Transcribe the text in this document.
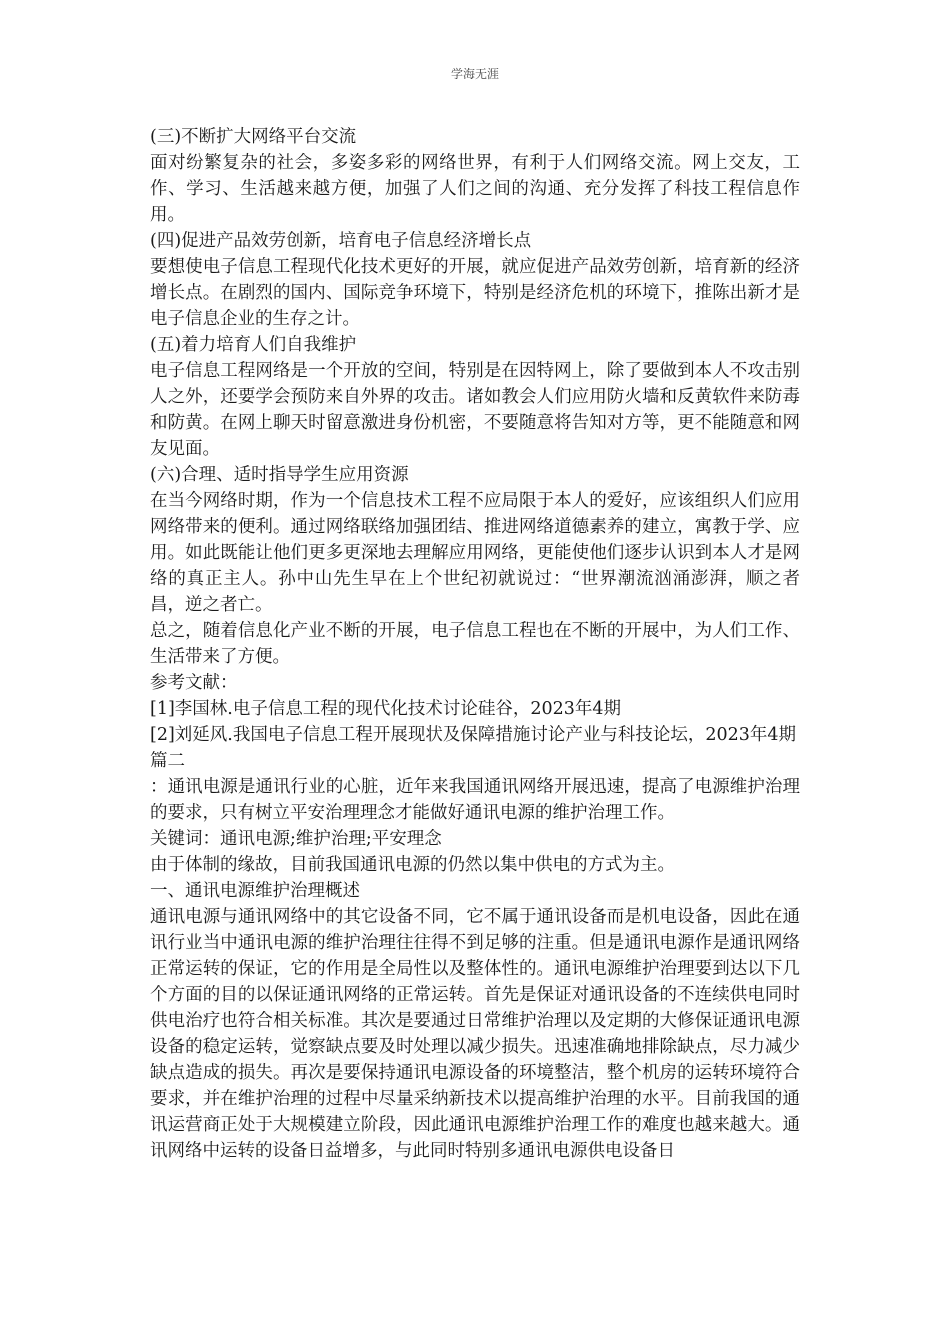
学海无涯

(三)不断扩大网络平台交流

面对纷繁复杂的社会，多姿多彩的网络世界，有利于人们网络交流。网上交友，工作、学习、生活越来越方便，加强了人们之间的沟通、充分发挥了科技工程信息作用。

(四)促进产品效劳创新，培育电子信息经济增长点

要想使电子信息工程现代化技术更好的开展，就应促进产品效劳创新，培育新的经济增长点。在剧烈的国内、国际竞争环境下，特别是经济危机的环境下，推陈出新才是电子信息企业的生存之计。

(五)着力培育人们自我维护

电子信息工程网络是一个开放的空间，特别是在因特网上，除了要做到本人不攻击别人之外，还要学会预防来自外界的攻击。诸如教会人们应用防火墙和反黄软件来防毒和防黄。在网上聊天时留意激进身份机密，不要随意将告知对方等，更不能随意和网友见面。

(六)合理、适时指导学生应用资源

在当今网络时期，作为一个信息技术工程不应局限于本人的爱好，应该组织人们应用网络带来的便利。通过网络联络加强团结、推进网络道德素养的建立，寓教于学、应用。如此既能让他们更多更深地去理解应用网络，更能使他们逐步认识到本人才是网络的真正主人。孙中山先生早在上个世纪初就说过：“世界潮流汹涌澎湃，顺之者昌，逆之者亡。

总之，随着信息化产业不断的开展，电子信息工程也在不断的开展中，为人们工作、生活带来了方便。

参考文献：

[1]李国林.电子信息工程的现代化技术讨论硅谷，2023年4期

[2]刘延风.我国电子信息工程开展现状及保障措施讨论产业与科技论坛，2023年4期

篇二

：通讯电源是通讯行业的心脏，近年来我国通讯网络开展迅速，提高了电源维护治理的要求，只有树立平安治理理念才能做好通讯电源的维护治理工作。

关键词：通讯电源;维护治理;平安理念

由于体制的缘故，目前我国通讯电源的仍然以集中供电的方式为主。

一、通讯电源维护治理概述

通讯电源与通讯网络中的其它设备不同，它不属于通讯设备而是机电设备，因此在通讯行业当中通讯电源的维护治理往往得不到足够的注重。但是通讯电源作是通讯网络正常运转的保证，它的作用是全局性以及整体性的。通讯电源维护治理要到达以下几个方面的目的以保证通讯网络的正常运转。首先是保证对通讯设备的不连续供电同时供电治疗也符合相关标准。其次是要通过日常维护治理以及定期的大修保证通讯电源设备的稳定运转，觉察缺点要及时处理以减少损失。迅速准确地排除缺点，尽力减少缺点造成的损失。再次是要保持通讯电源设备的环境整洁，整个机房的运转环境符合要求，并在维护治理的过程中尽量采纳新技术以提高维护治理的水平。目前我国的通讯运营商正处于大规模建立阶段，因此通讯电源维护治理工作的难度也越来越大。通讯网络中运转的设备日益增多，与此同时特别多通讯电源供电设备日
